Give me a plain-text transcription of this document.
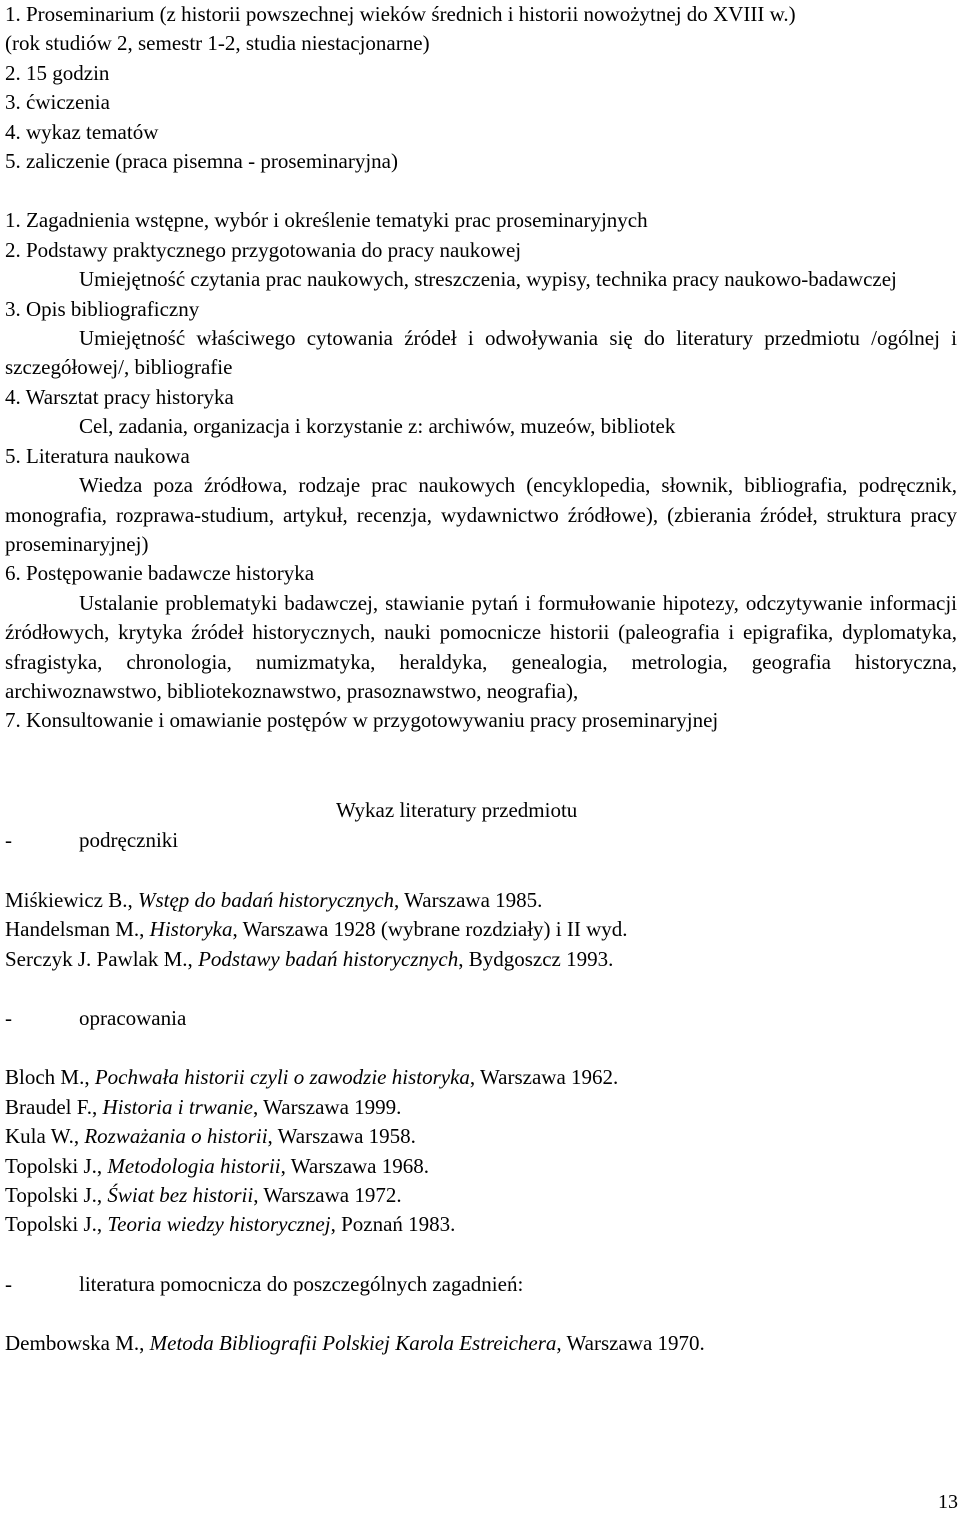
1. Proseminarium (z historii powszechnej wieków średnich i historii nowożytnej do XVIII w.)
(rok studiów 2, semestr 1-2, studia niestacjonarne)
2. 15 godzin
3. ćwiczenia
4. wykaz tematów
5. zaliczenie (praca pisemna - proseminaryjna)
1. Zagadnienia wstępne, wybór i określenie tematyki prac proseminaryjnych
2. Podstawy praktycznego przygotowania do pracy naukowej
Umiejętność czytania prac naukowych, streszczenia, wypisy, technika pracy naukowo-badawczej
3. Opis bibliograficzny
Umiejętność właściwego cytowania źródeł i odwoływania się do literatury przedmiotu /ogólnej i szczegółowej/, bibliografie
4. Warsztat pracy historyka
Cel, zadania, organizacja i korzystanie z: archiwów, muzeów, bibliotek
5. Literatura naukowa
Wiedza poza źródłowa, rodzaje prac naukowych (encyklopedia, słownik, bibliografia, podręcznik, monografia, rozprawa-studium, artykuł, recenzja, wydawnictwo źródłowe), (zbierania źródeł, struktura pracy proseminaryjnej)
6. Postępowanie badawcze historyka
Ustalanie problematyki badawczej, stawianie pytań i formułowanie hipotezy, odczytywanie informacji źródłowych, krytyka źródeł historycznych, nauki pomocnicze historii (paleografia i epigrafika, dyplomatyka, sfragistyka, chronologia, numizmatyka, heraldyka, genealogia, metrologia, geografia historyczna, archiwoznawstwo, bibliotekoznawstwo, prasoznawstwo, neografia),
7. Konsultowanie i omawianie postępów w przygotowywaniu pracy proseminaryjnej
Wykaz literatury przedmiotu
-	podręczniki
Miśkiewicz B., Wstęp do badań historycznych, Warszawa 1985.
Handelsman M., Historyka, Warszawa 1928 (wybrane rozdziały) i II wyd.
Serczyk J. Pawlak M., Podstawy badań historycznych, Bydgoszcz 1993.
-	opracowania
Bloch M., Pochwała historii czyli o zawodzie historyka, Warszawa 1962.
Braudel F., Historia i trwanie, Warszawa 1999.
Kula W., Rozważania o historii, Warszawa 1958.
Topolski J., Metodologia historii, Warszawa 1968.
Topolski J., Świat bez historii, Warszawa 1972.
Topolski J., Teoria wiedzy historycznej, Poznań 1983.
-	literatura pomocnicza do poszczególnych zagadnień:
Dembowska M., Metoda Bibliografii Polskiej Karola Estreichera, Warszawa 1970.
13
